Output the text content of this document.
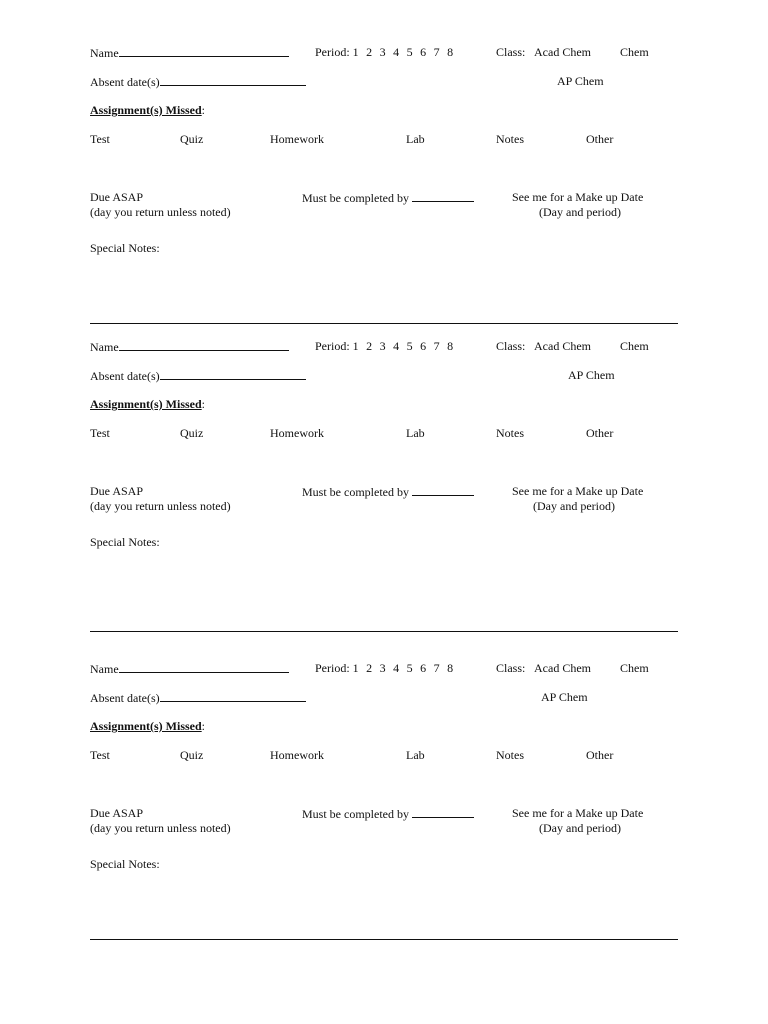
Name	Period: 1  2  3  4  5  6  7  8	Class: Acad Chem Chem
Absent date(s)	AP Chem
Assignment(s) Missed:
Test	Quiz	Homework	Lab	Notes	Other
Due ASAP
(day you return unless noted)
Must be completed by	See me for a Make up Date
(Day and period)
Special Notes:
Name	Period: 1  2  3  4  5  6  7  8	Class: Acad Chem Chem
Absent date(s)	AP Chem
Assignment(s) Missed:
Test	Quiz	Homework	Lab	Notes	Other
Due ASAP
(day you return unless noted)
Must be completed by	See me for a Make up Date
(Day and period)
Special Notes:
Name	Period: 1  2  3  4  5  6  7  8	Class: Acad Chem Chem
Absent date(s)	AP Chem
Assignment(s) Missed:
Test	Quiz	Homework	Lab	Notes	Other
Due ASAP
(day you return unless noted)
Must be completed by	See me for a Make up Date
(Day and period)
Special Notes:
